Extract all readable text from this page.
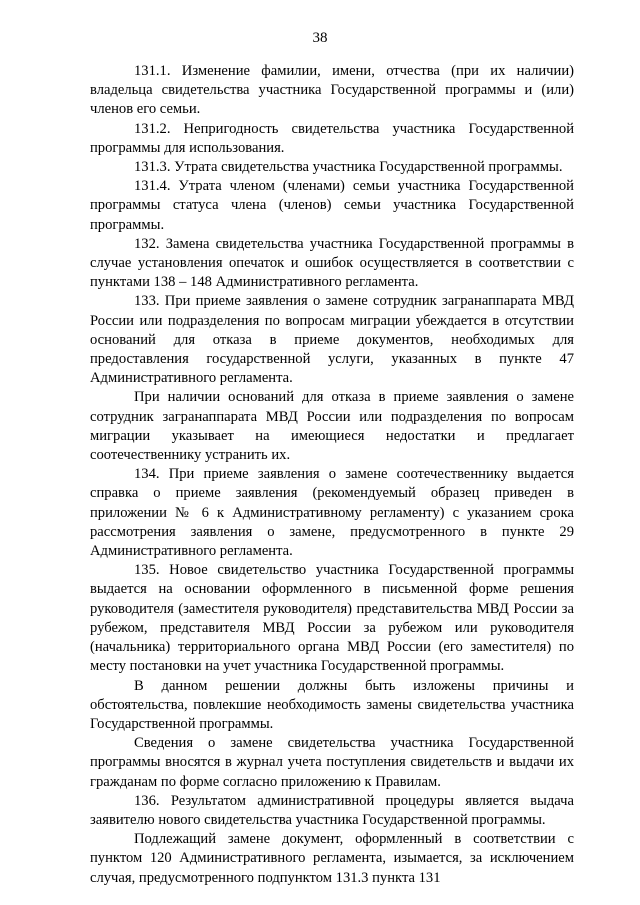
38

131.1. Изменение фамилии, имени, отчества (при их наличии) владельца свидетельства участника Государственной программы и (или) членов его семьи.

131.2. Непригодность свидетельства участника Государственной программы для использования.

131.3. Утрата свидетельства участника Государственной программы.

131.4. Утрата членом (членами) семьи участника Государственной программы статуса члена (членов) семьи участника Государственной программы.

132. Замена свидетельства участника Государственной программы в случае установления опечаток и ошибок осуществляется в соответствии с пунктами 138 – 148 Административного регламента.

133. При приеме заявления о замене сотрудник загранаппарата МВД России или подразделения по вопросам миграции убеждается в отсутствии оснований для отказа в приеме документов, необходимых для предоставления государственной услуги, указанных в пункте 47 Административного регламента.

При наличии оснований для отказа в приеме заявления о замене сотрудник загранаппарата МВД России или подразделения по вопросам миграции указывает на имеющиеся недостатки и предлагает соотечественнику устранить их.

134. При приеме заявления о замене соотечественнику выдается справка о приеме заявления (рекомендуемый образец приведен в приложении № 6 к Административному регламенту) с указанием срока рассмотрения заявления о замене, предусмотренного в пункте 29 Административного регламента.

135. Новое свидетельство участника Государственной программы выдается на основании оформленного в письменной форме решения руководителя (заместителя руководителя) представительства МВД России за рубежом, представителя МВД России за рубежом или руководителя (начальника) территориального органа МВД России (его заместителя) по месту постановки на учет участника Государственной программы.

В данном решении должны быть изложены причины и обстоятельства, повлекшие необходимость замены свидетельства участника Государственной программы.

Сведения о замене свидетельства участника Государственной программы вносятся в журнал учета поступления свидетельств и выдачи их гражданам по форме согласно приложению к Правилам.

136. Результатом административной процедуры является выдача заявителю нового свидетельства участника Государственной программы.

Подлежащий замене документ, оформленный в соответствии с пунктом 120 Административного регламента, изымается, за исключением случая, предусмотренного подпунктом 131.3 пункта 131
